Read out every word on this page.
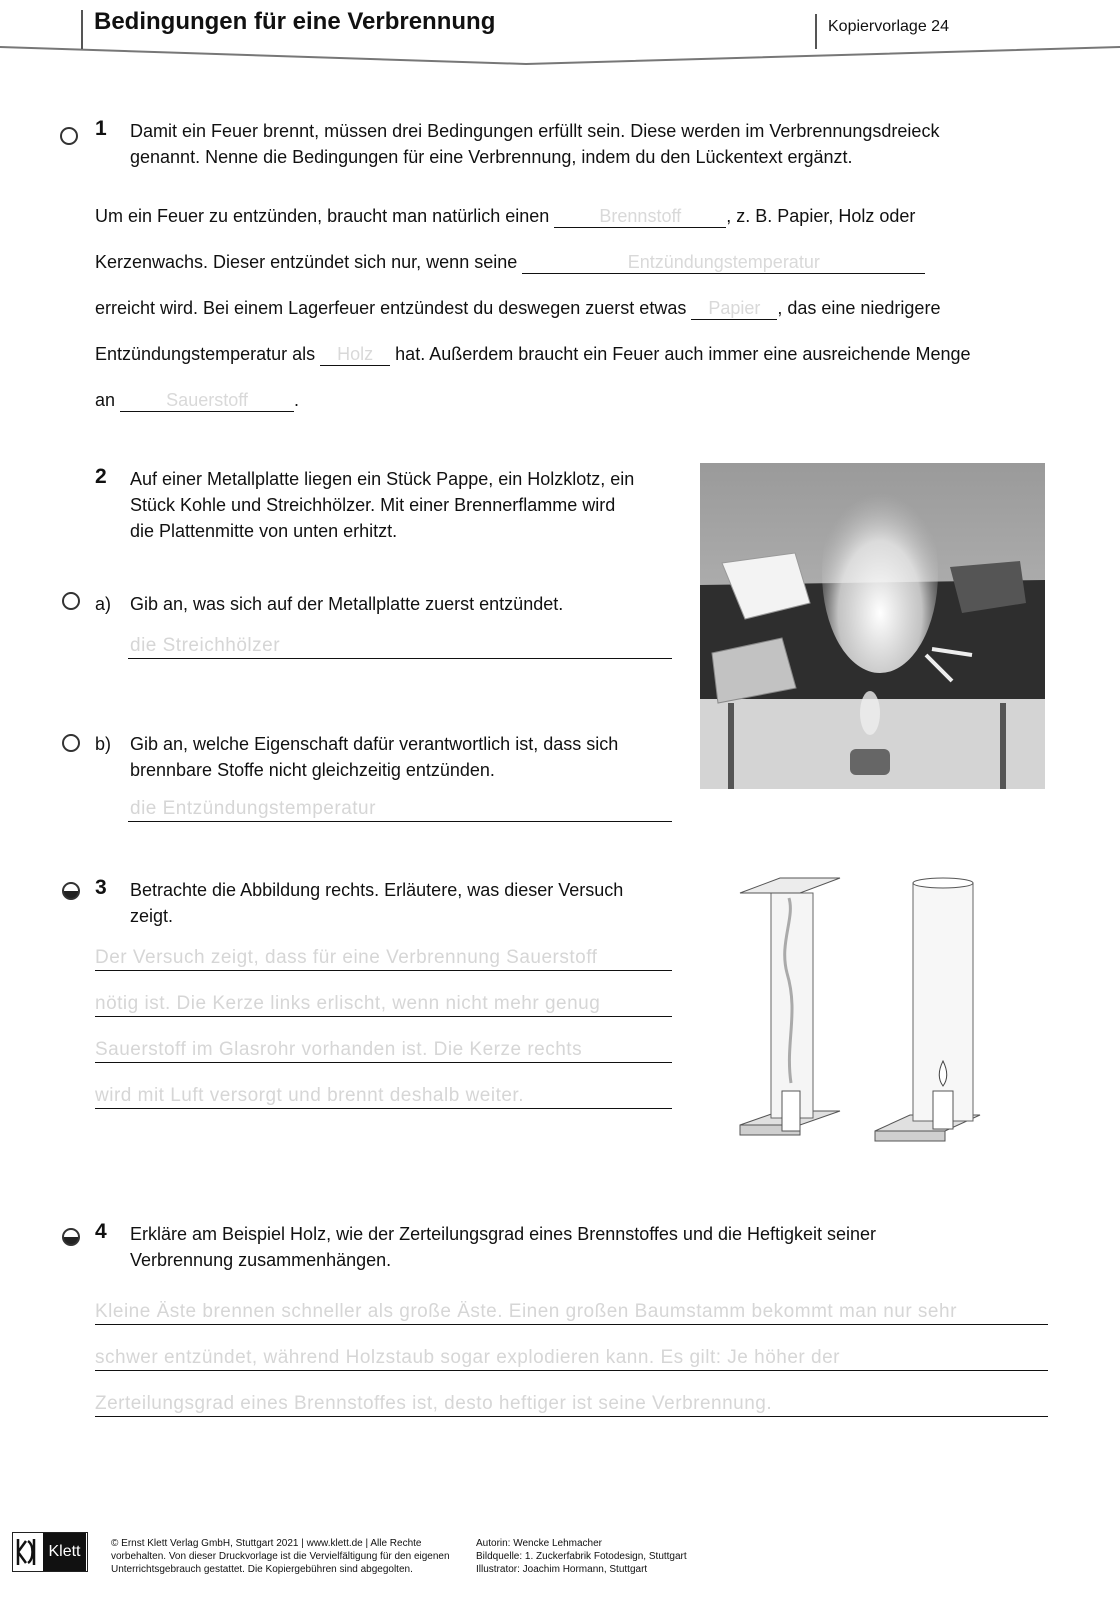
Bedingungen für eine Verbrennung	Kopiervorlage 24
1 Damit ein Feuer brennt, müssen drei Bedingungen erfüllt sein. Diese werden im Verbrennungsdreieck
genannt. Nenne die Bedingungen für eine Verbrennung, indem du den Lückentext ergänzt.
Um ein Feuer zu entzünden, braucht man natürlich einen	Brennstoff	, z. B. Papier, Holz oder
Kerzenwachs. Dieser entzündet sich nur, wenn seine	Entzündungstemperatur
erreicht wird. Bei einem Lagerfeuer entzündest du deswegen zuerst etwas Papier , das eine niedrigere
Entzündungstemperatur als Holz hat. Außerdem braucht ein Feuer auch immer eine ausreichende Menge
an	Sauerstoff	.
2 Auf einer Metallplatte liegen ein Stück Pappe, ein Holzklotz, ein
Stück Kohle und Streichhölzer. Mit einer Brennerflamme wird
die Plattenmitte von unten erhitzt.
a) Gib an, was sich auf der Metallplatte zuerst entzündet.
die Streichhölzer
b) Gib an, welche Eigenschaft dafür verantwortlich ist, dass sich
brennbare Stoffe nicht gleichzeitig entzünden.
die Entzündungstemperatur
3 Betrachte die Abbildung rechts. Erläutere, was dieser Versuch
zeigt.
Der Versuch zeigt, dass für eine Verbrennung Sauerstoff
nötig ist. Die Kerze links erlischt, wenn nicht mehr genug
Sauerstoff im Glasrohr vorhanden ist. Die Kerze rechts
wird mit Luft versorgt und brennt deshalb weiter.
4 Erkläre am Beispiel Holz, wie der Zerteilungsgrad eines Brennstoffes und die Heftigkeit seiner
Verbrennung zusammenhängen.
Kleine Äste brennen schneller als große Äste. Einen großen Baumstamm bekommt man nur sehr
schwer entzündet, während Holzstaub sogar explodieren kann. Es gilt: Je höher der
Zerteilungsgrad eines Brennstoffes ist, desto heftiger ist seine Verbrennung.
Klett	© Ernst Klett Verlag GmbH, Stuttgart 2021 | www.klett.de | Alle Rechte
vorbehalten. Von dieser Druckvorlage ist die Vervielfältigung für den eigenen
Unterrichtsgebrauch gestattet. Die Kopiergebühren sind abgegolten.
Autorin: Wencke Lehmacher
Bildquelle: 1. Zuckerfabrik Fotodesign, Stuttgart
Illustrator: Joachim Hormann, Stuttgart
